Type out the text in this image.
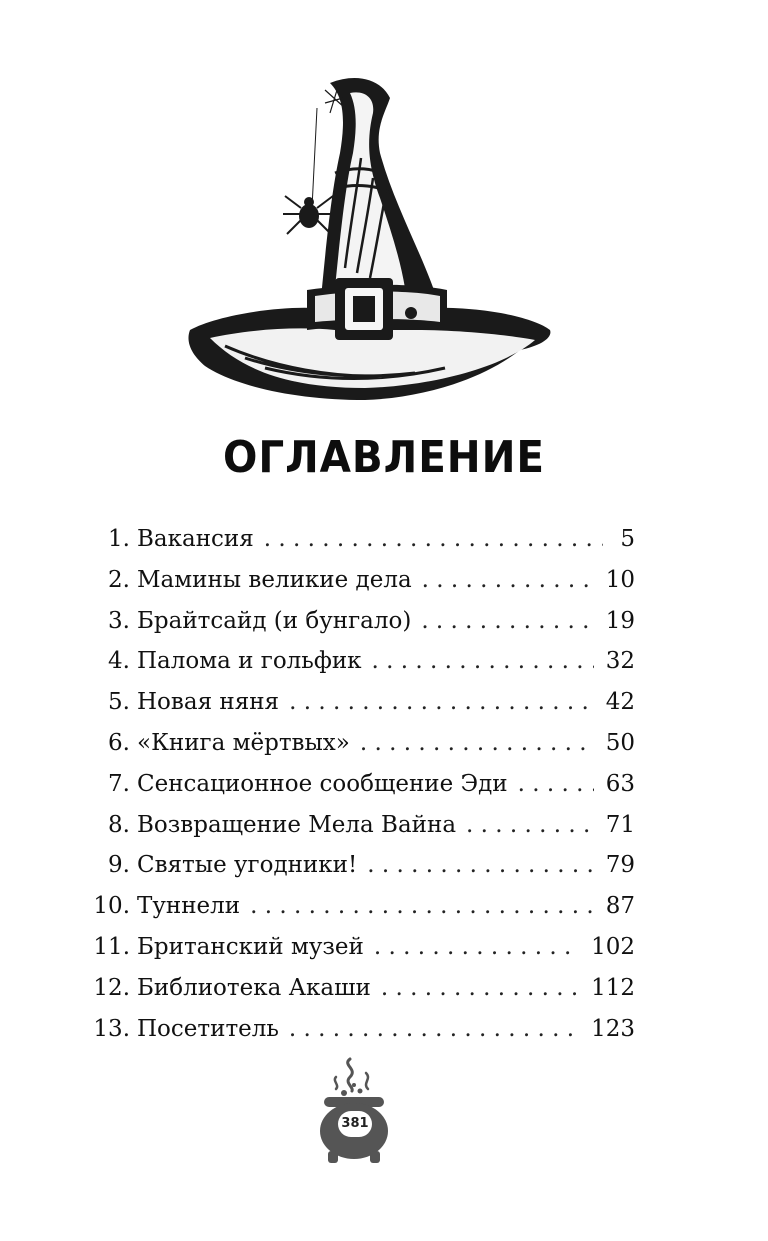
ОГЛАВЛЕНИЕ
1. Вакансия . . .	5
2. Мамины великие дела . . .	10
3. Брайтсайд (и бунгало) . . .	19
4. Палома и гольфик . . .	32
5. Новая няня . . .	42
6. «Книга мёртвых» . . .	50
7. Сенсационное сообщение Эди . . .	63
8. Возвращение Мела Вайна . . .	71
9. Святые угодники! . . .	79
10. Туннели . . .	87
11. Британский музей . . .	102
12. Библиотека Акаши . . .	112
13. Посетитель . . .	123
381
